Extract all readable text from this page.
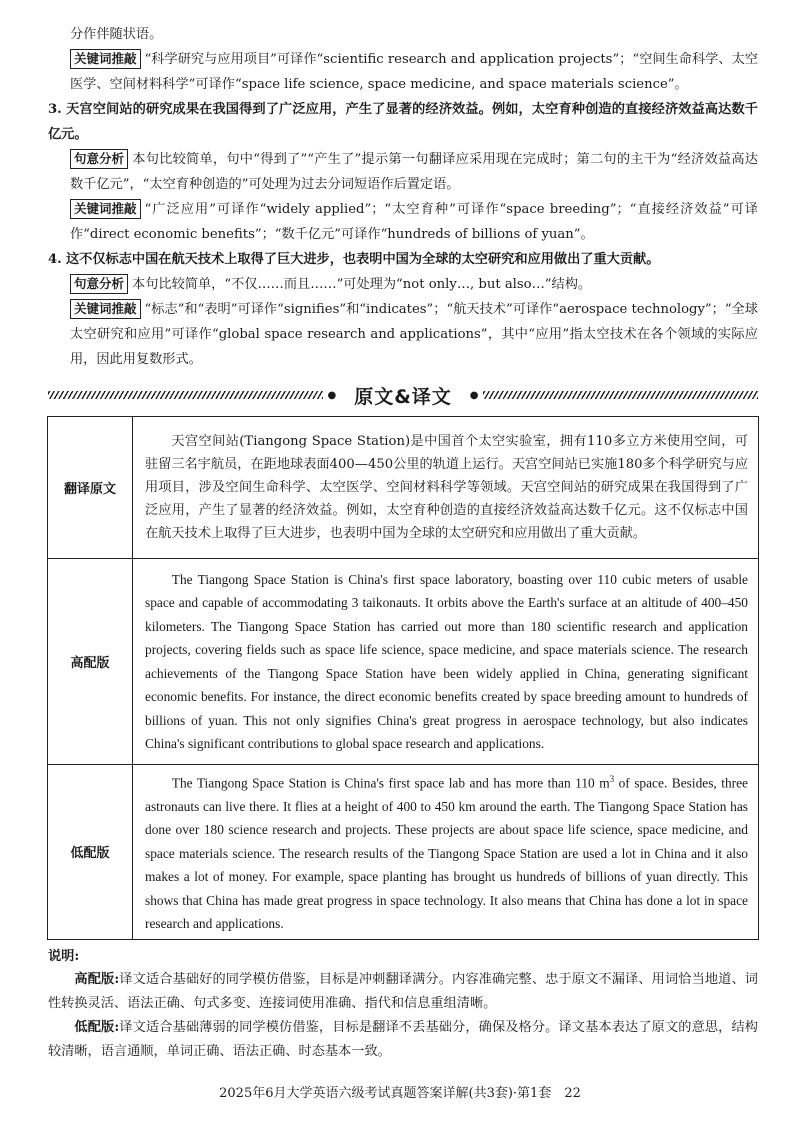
分作伴随状语。

关键词推敲 “科学研究与应用项目”可译作“scientific research and application projects”；“空间生命科学、太空医学、空间材料科学”可译作“space life science, space medicine, and space materials science”。

3. 天宫空间站的研究成果在我国得到了广泛应用，产生了显著的经济效益。例如，太空育种创造的直接经济效益高达数千亿元。

句意分析 本句比较简单，句中“得到了”“产生了”提示第一句翻译应采用现在完成时；第二句的主干为“经济效益高达数千亿元”，“太空育种创造的”可处理为过去分词短语作后置定语。

关键词推敲 “广泛应用”可译作“widely applied”；“太空育种”可译作“space breeding”；“直接经济效益”可译作“direct economic benefits”；“数千亿元”可译作“hundreds of billions of yuan”。

4. 这不仅标志中国在航天技术上取得了巨大进步，也表明中国为全球的太空研究和应用做出了重大贡献。

句意分析 本句比较简单，“不仅……而且……”可处理为“not only…, but also…”结构。

关键词推敲 “标志”和“表明”可译作“signifies”和“indicates”；“航天技术”可译作“aerospace technology”；“全球太空研究和应用”可译作“global space research and applications”，其中“应用”指太空技术在各个领域的实际应用，因此用复数形式。

● 原文&译文	●
翻译原文	天宫空间站(Tiangong Space Station)是中国首个太空实验室，拥有110多立方米使用空间，可驻留三名宇航员，在距地球表面400—450公里的轨道上运行。天宫空间站已实施180多个科学研究与应用项目，涉及空间生命科学、太空医学、空间材料科学等领域。天宫空间站的研究成果在我国得到了广泛应用，产生了显著的经济效益。例如，太空育种创造的直接经济效益高达数千亿元。这不仅标志中国在航天技术上取得了巨大进步，也表明中国为全球的太空研究和应用做出了重大贡献。

高配版	The Tiangong Space Station is China's first space laboratory, boasting over 110 cubic meters of usable space and capable of accommodating 3 taikonauts. It orbits above the Earth's surface at an altitude of 400–450 kilometers. The Tiangong Space Station has carried out more than 180 scientific research and application projects, covering fields such as space life science, space medicine, and space materials science. The research achievements of the Tiangong Space Station have been widely applied in China, generating significant economic benefits. For instance, the direct economic benefits created by space breeding amount to hundreds of billions of yuan. This not only signifies China's great progress in aerospace technology, but also indicates China's significant contributions to global space research and applications.

低配版	The Tiangong Space Station is China's first space lab and has more than 110 $m^3$ of space. Besides, three astronauts can live there. It flies at a height of 400 to 450 km around the earth. The Tiangong Space Station has done over 180 science research and projects. These projects are about space life science, space medicine, and space materials science. The research results of the Tiangong Space Station are used a lot in China and it also makes a lot of money. For example, space planting has brought us hundreds of billions of yuan directly. This shows that China has made great progress in space technology. It also means that China has done a lot in space research and applications.

说明:

高配版:译文适合基础好的同学模仿借鉴，目标是冲刺翻译满分。内容准确完整、忠于原文不漏译、用词恰当地道、词性转换灵活、语法正确、句式多变、连接词使用准确、指代和信息重组清晰。

低配版:译文适合基础薄弱的同学模仿借鉴，目标是翻译不丢基础分，确保及格分。译文基本表达了原文的意思，结构较清晰，语言通顺，单词正确、语法正确、时态基本一致。

2025年6月大学英语六级考试真题答案详解(共3套)·第1套　22
